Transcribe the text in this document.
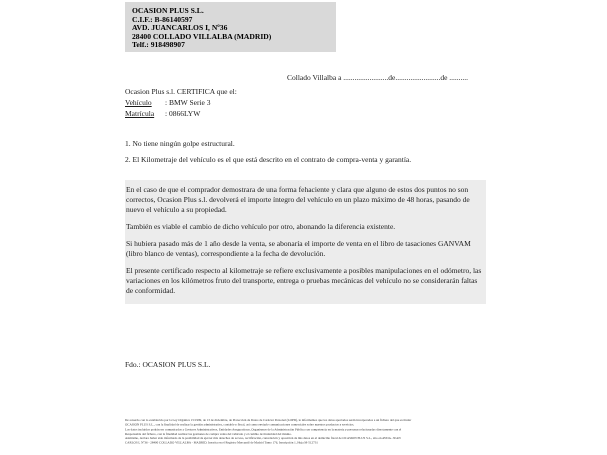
OCASION PLUS S.L.
C.I.F.: B-86140597
AVD. JUANCARLOS I, Nº36
28400 COLLADO VILLALBA (MADRID)
Telf.: 918498907
Collado Villalba a ........................de........................de ..........
Ocasion Plus s.l. CERTIFICA que el:
Vehículo : BMW Serie 3
Matrícula : 0866LYW
1. No tiene ningún golpe estructural.
2. El Kilometraje del vehículo es el que está descrito en el contrato de compra-venta y garantía.

En el caso de que el comprador demostrara de una forma fehaciente y clara que alguno de estos dos puntos no son correctos, Ocasion Plus s.l. devolverá el importe íntegro del vehículo en un plazo máximo de 48 horas, pasando de nuevo el vehículo a su propiedad.

También es viable el cambio de dicho vehículo por otro, abonando la diferencia existente.

Si hubiera pasado más de 1 año desde la venta, se abonaría el importe de venta en el libro de tasaciones GANVAM (libro blanco de ventas), correspondiente a la fecha de devolución.

El presente certificado respecto al kilometraje se refiere exclusivamente a posibles manipulaciones en el odómetro, las variaciones en los kilómetros fruto del transporte, entrega o pruebas mecánicas del vehículo no se considerarán faltas de conformidad.

Fdo.: OCASION PLUS S.L.
De acuerdo con lo establecido por la Ley Orgánica 15/1999, de 13 de diciembre, de Protección de Datos de Carácter Personal (LOPD), le informamos que los datos aportados serán incorporados a un fichero del que es titular
OCASION PLUS S.L., con la finalidad de realizar la gestión administrativa, contable y fiscal, así como enviarle comunicaciones comerciales sobre nuestros productos y servicios.
Los datos incluidos podrán ser comunicados a Gestores Administrativos, Entidades Aseguradoras, Organismos de la Administración Pública con competencia en la materia y personas relacionadas directamente con el
Responsable del fichero, con la finalidad realizar las gestiones de compra venta del vehículo y el cambio de titularidad del mismo.
Asimismo, declaro haber sido informado de la posibilidad de ejercer mis derechos de acceso, rectificación, cancelación y oposición de mis datos en el domicilio fiscal de OCASION PLUS S.L., sito en AVDA. JUAN
CARLOS I, Nº36 - 28400 COLLADO VILLALBA - MADRID. Inscrita en el Registro Mercantil de Madrid Tomo 176, Inscripción 1, Hoja M-512731
